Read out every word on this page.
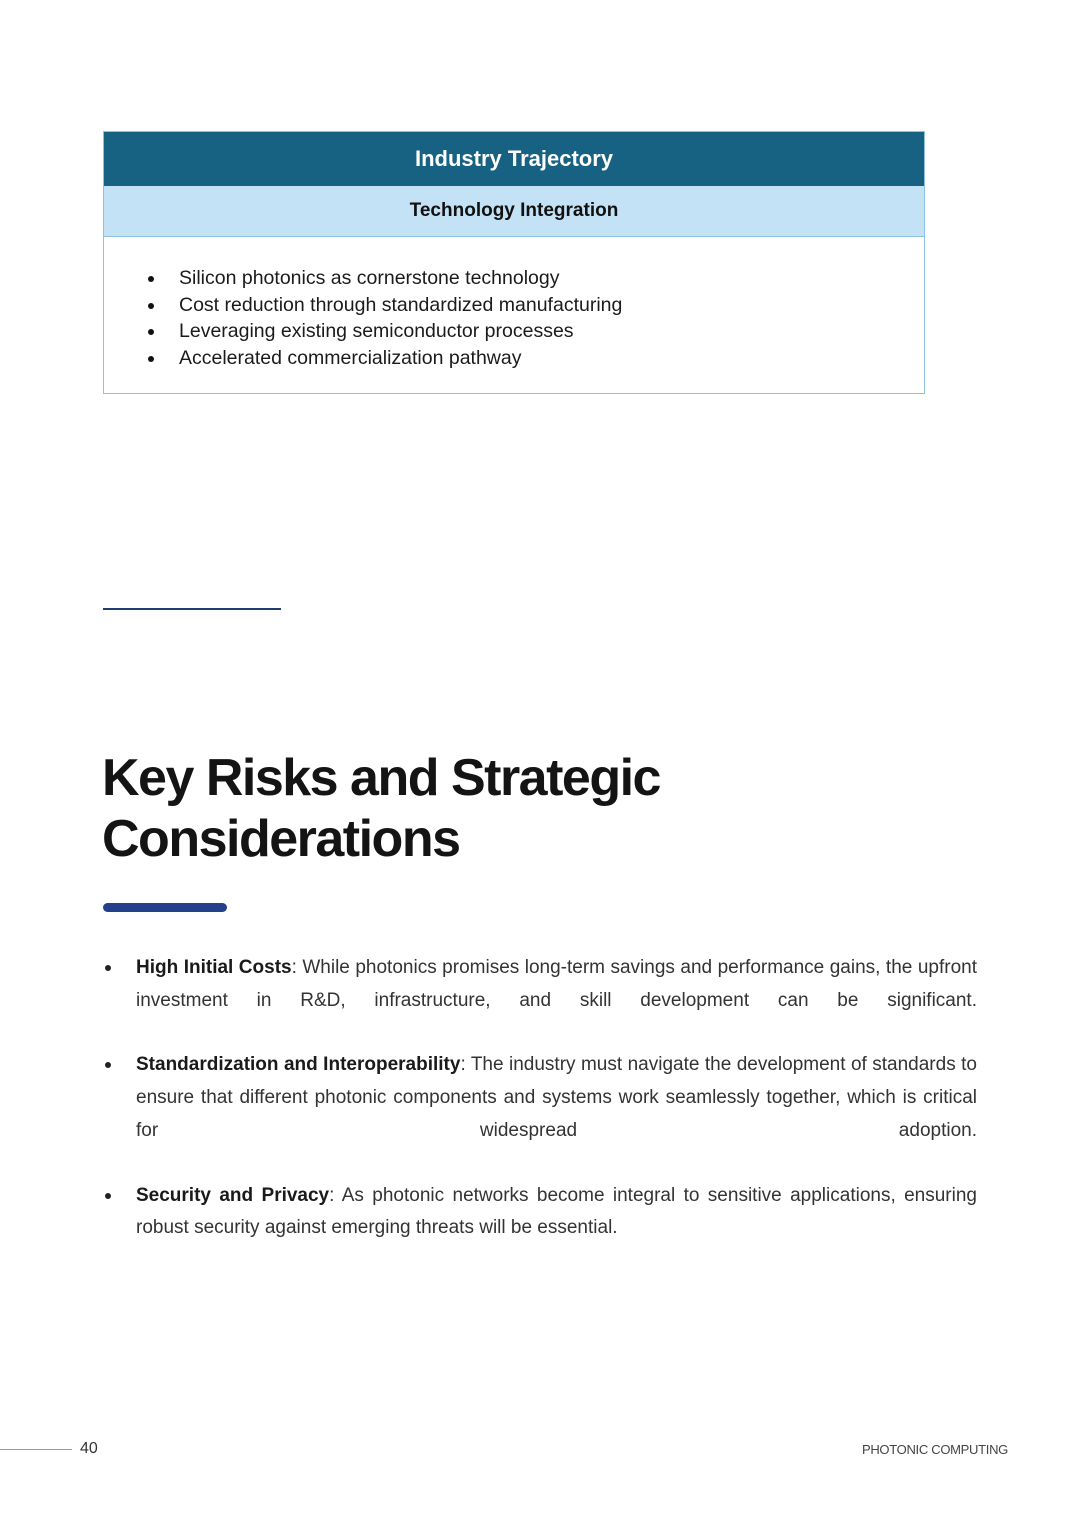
Industry Trajectory
Technology Integration
Silicon photonics as cornerstone technology
Cost reduction through standardized manufacturing
Leveraging existing semiconductor processes
Accelerated commercialization pathway
Key Risks and Strategic
Considerations
High Initial Costs: While photonics promises long-term savings and performance gains, the upfront investment in R&D, infrastructure, and skill development can be significant.
Standardization and Interoperability: The industry must navigate the development of standards to ensure that different photonic components and systems work seamlessly together, which is critical for widespread adoption.
Security and Privacy: As photonic networks become integral to sensitive applications, ensuring robust security against emerging threats will be essential.
40	PHOTONIC COMPUTING
